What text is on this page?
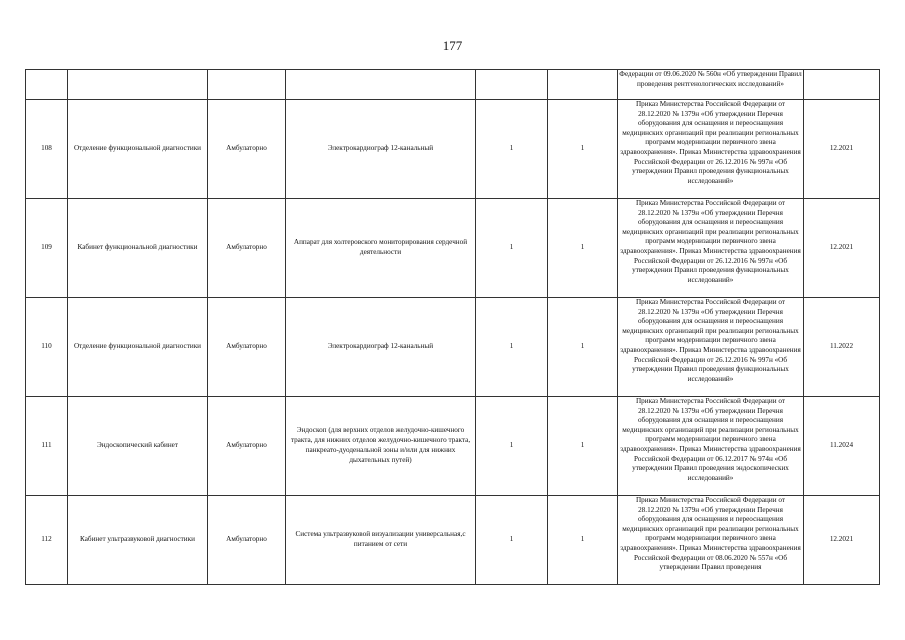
177

						Федерации от 09.06.2020 № 560н «Об утверждении Правил проведения рентгенологических исследований»	

108	Отделение функциональной диагностики	Амбулаторно	Электрокардиограф 12-канальный	1	1	Приказ Министерства Российской Федерации от 28.12.2020 № 1379н «Об утверждении Перечня оборудования для оснащения и переоснащения медицинских организаций при реализации региональных программ модернизации первичного звена здравоохранения». Приказ Министерства здравоохранения Российской Федерации от 26.12.2016 № 997н «Об утверждении Правил проведения функциональных исследований»	12.2021
109	Кабинет функциональной диагностики	Амбулаторно	Аппарат для холтеровского мониторирования сердечной деятельности	1	1	Приказ Министерства Российской Федерации от 28.12.2020 № 1379н «Об утверждении Перечня оборудования для оснащения и переоснащения медицинских организаций при реализации региональных программ модернизации первичного звена здравоохранения». Приказ Министерства здравоохранения Российской Федерации от 26.12.2016 № 997н «Об утверждении Правил проведения функциональных исследований»	12.2021
110	Отделение функциональной диагностики	Амбулаторно	Электрокардиограф 12-канальный	1	1	Приказ Министерства Российской Федерации от 28.12.2020 № 1379н «Об утверждении Перечня оборудования для оснащения и переоснащения медицинских организаций при реализации региональных программ модернизации первичного звена здравоохранения». Приказ Министерства здравоохранения Российской Федерации от 26.12.2016 № 997н «Об утверждении Правил проведения функциональных исследований»	11.2022
111	Эндоскопический кабинет	Амбулаторно	Эндоскоп (для верхних отделов желудочно-кишечного тракта, для нижних отделов желудочно-кишечного тракта, панкреато-дуоденальной зоны и/или для нижних дыхательных путей)	1	1	Приказ Министерства Российской Федерации от 28.12.2020 № 1379н «Об утверждении Перечня оборудования для оснащения и переоснащения медицинских организаций при реализации региональных программ модернизации первичного звена здравоохранения». Приказ Министерства здравоохранения Российской Федерации от 06.12.2017 № 974н «Об утверждении Правил проведения эндоскопических исследований»	11.2024
112	Кабинет ультразвуковой диагностики	Амбулаторно	Система ультразвуковой визуализации универсальная,с питанием от сети	1	1	Приказ Министерства Российской Федерации от 28.12.2020 № 1379н «Об утверждении Перечня оборудования для оснащения и переоснащения медицинских организаций при реализации региональных программ модернизации первичного звена здравоохранения». Приказ Министерства здравоохранения Российской Федерации от 08.06.2020 № 557н «Об утверждении Правил проведения	12.2021
